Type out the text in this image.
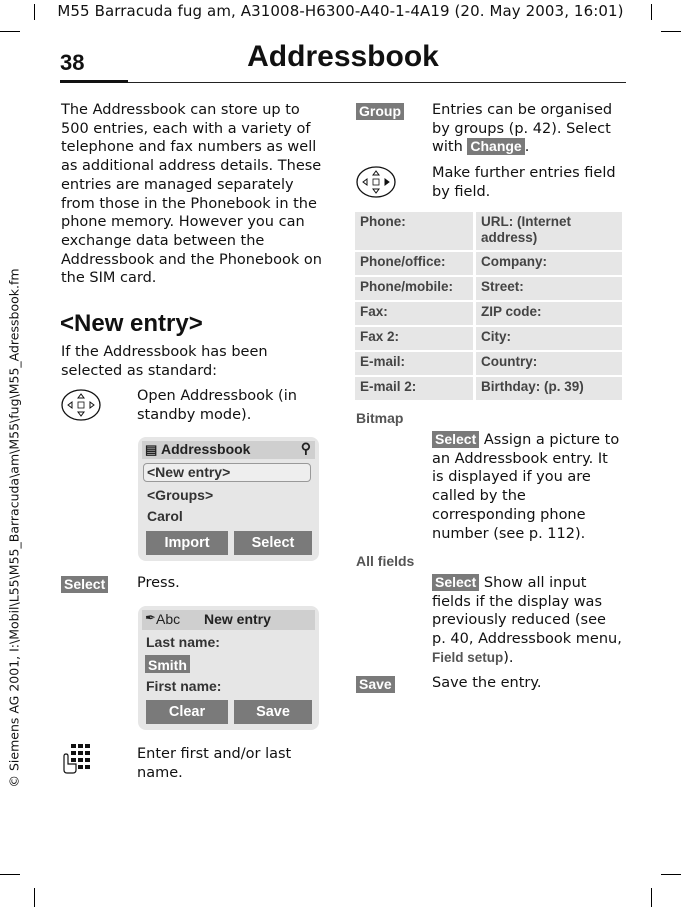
M55 Barracuda fug am, A31008-H6300-A40-1-4A19 (20. May 2003, 16:01)
© Siemens AG 2001, I:\Mobil\L55\M55_Barracuda\am\M55\fug\M55_Adressbook.fm
38	Addressbook
The Addressbook can store up to 500 entries, each with a variety of telephone and fax numbers as well as additional address details. These entries are managed separately from those in the Phonebook in the phone memory. However you can exchange data between the Addressbook and the Phonebook on the SIM card.
<New entry>
If the Addressbook has been selected as standard:
Open Addressbook (in standby mode).
▤ Addressbook	⚲
<New entry>
<Groups>
Carol
Import	Select
Select Press.
✒ Abc New entry
Last name:
Smith
First name:
Clear	Save
Enter first and/or last name.
Group Entries can be organised by groups (p. 42). Select with Change .
Make further entries field by field.
Phone:	URL: (Internet address)
Phone/office:	Company:
Phone/mobile:	Street:
Fax:	ZIP code:
Fax 2:	City:
E-mail:	Country:
E-mail 2:	Birthday: (p. 39)
Bitmap
Select Assign a picture to an Addressbook entry. It is displayed if you are called by the corresponding phone number (see p. 112).
All fields
Select Show all input fields if the display was previously reduced (see p. 40, Addressbook menu, Field setup).
Save	Save the entry.
